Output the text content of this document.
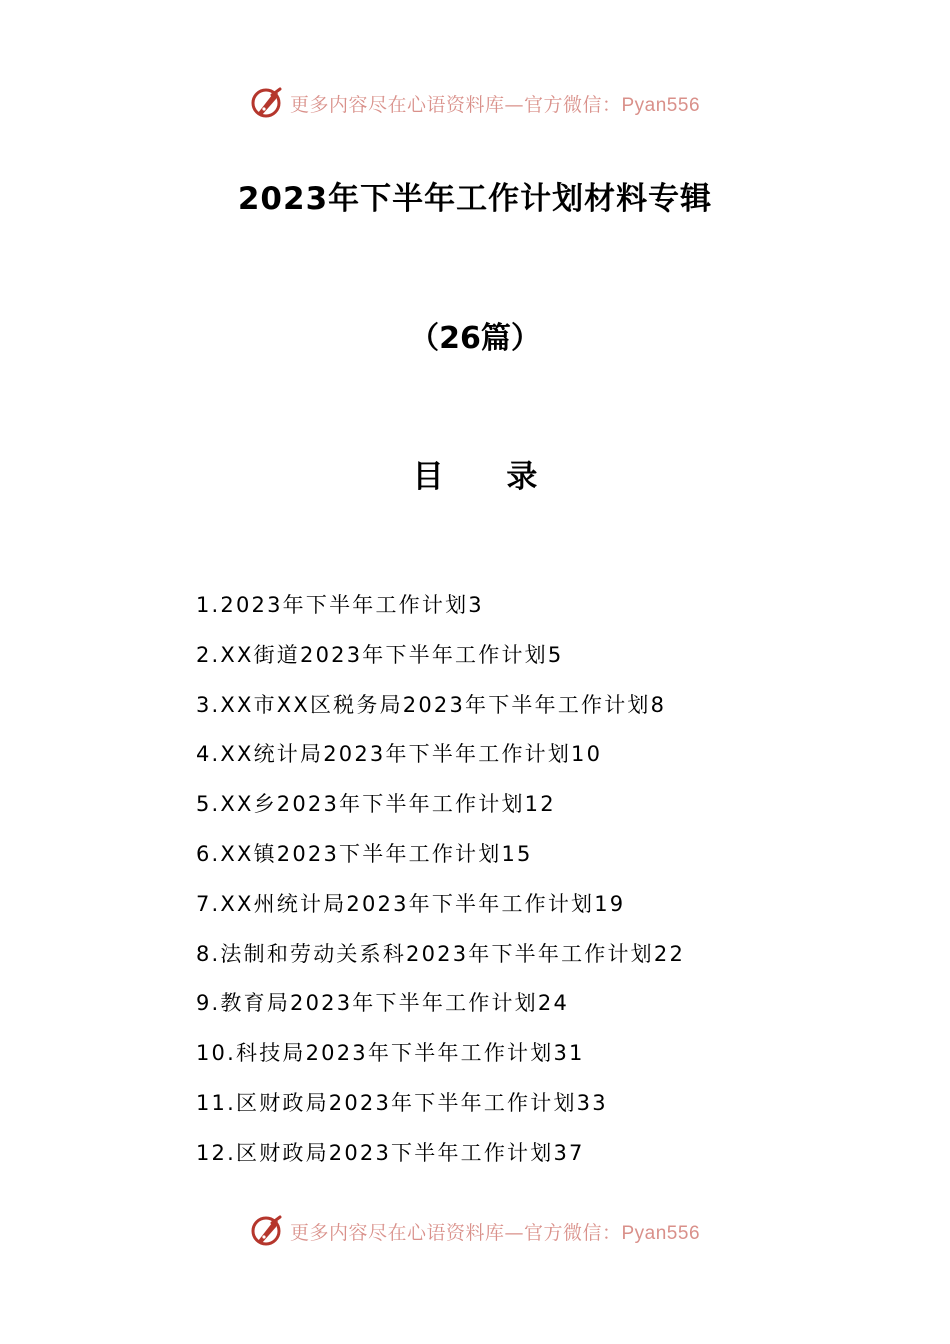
更多内容尽在心语资料库—官方微信：Pyan556
2023年下半年工作计划材料专辑
（26篇）
目 录
1.2023年下半年工作计划3
2.XX街道2023年下半年工作计划5
3.XX市XX区税务局2023年下半年工作计划8
4.XX统计局2023年下半年工作计划10
5.XX乡2023年下半年工作计划12
6.XX镇2023下半年工作计划15
7.XX州统计局2023年下半年工作计划19
8.法制和劳动关系科2023年下半年工作计划22
9.教育局2023年下半年工作计划24
10.科技局2023年下半年工作计划31
11.区财政局2023年下半年工作计划33
12.区财政局2023下半年工作计划37
更多内容尽在心语资料库—官方微信：Pyan556
